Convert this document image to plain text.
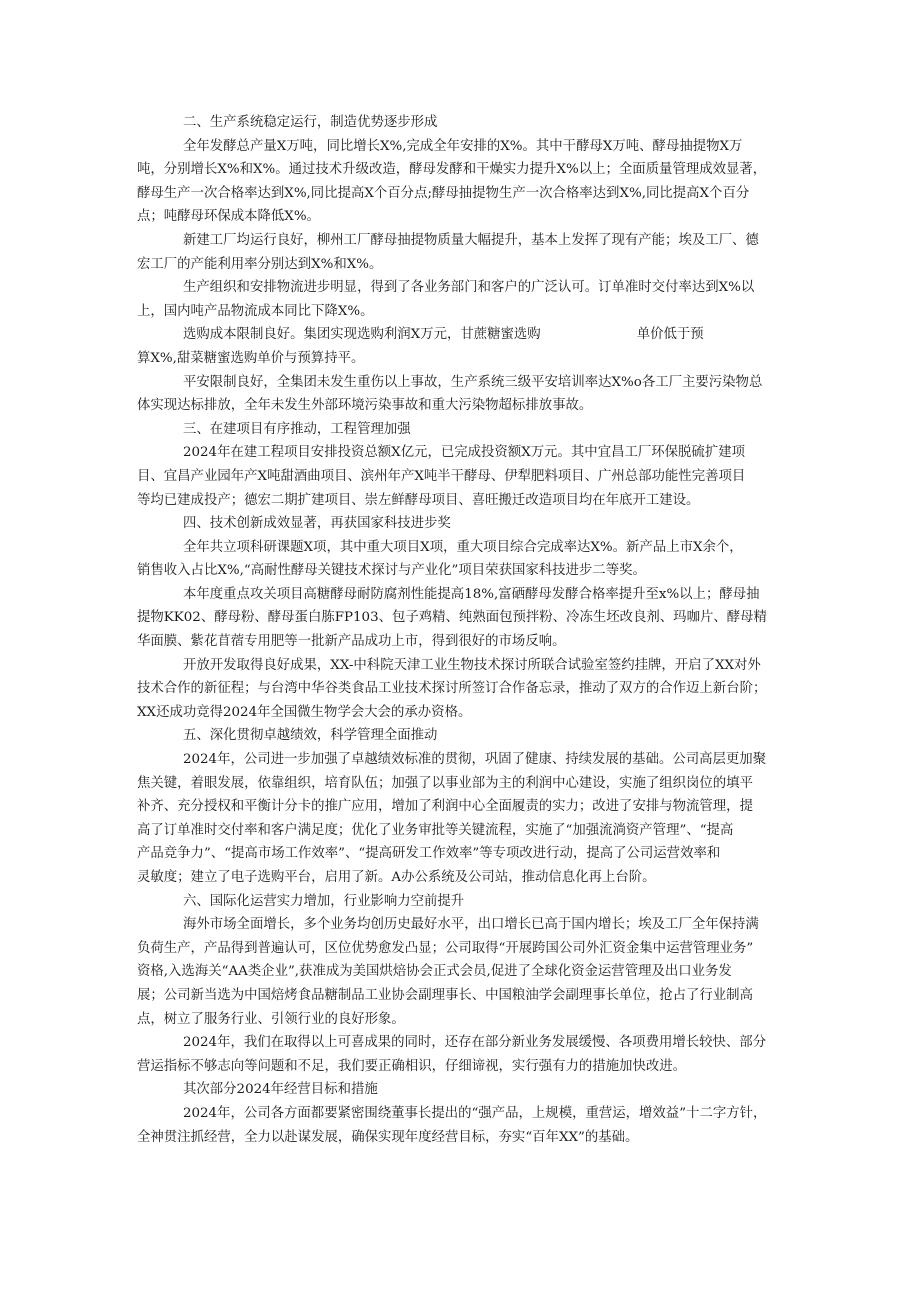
二、生产系统稳定运行，制造优势逐步形成
全年发酵总产量X万吨，同比增长X%,完成全年安排的X%。其中干酵母X万吨、酵母抽提物X万
吨，分别增长X%和X%。通过技术升级改造，酵母发酵和干燥实力提升X%以上；全面质量管理成效显著，
酵母生产一次合格率达到X%,同比提高X个百分点;酵母抽提物生产一次合格率达到X%,同比提高X个百分
点；吨酵母环保成本降低X%。
新建工厂均运行良好，柳州工厂酵母抽提物质量大幅提升，基本上发挥了现有产能；埃及工厂、德
宏工厂的产能利用率分别达到X%和X%。
生产组织和安排物流进步明显，得到了各业务部门和客户的广泛认可。订单准时交付率达到X%以
上，国内吨产品物流成本同比下降X%。
选购成本限制良好。集团实现选购利润X万元，甘蔗糖蜜选购	单价低于预
算X%,甜菜糖蜜选购单价与预算持平。
平安限制良好，全集团未发生重伤以上事故，生产系统三级平安培训率达X%o各工厂主要污染物总
体实现达标排放，全年未发生外部环境污染事故和重大污染物超标排放事故。
三、在建项目有序推动，工程管理加强
2024年在建工程项目安排投资总额X亿元，已完成投资额X万元。其中宜昌工厂环保脱硫扩建项
目、宜昌产业园年产X吨甜酒曲项目、滨州年产X吨半干酵母、伊犁肥料项目、广州总部功能性完善项目
等均已建成投产；德宏二期扩建项目、崇左鲜酵母项目、喜旺搬迁改造项目均在年底开工建设。
四、技术创新成效显著，再获国家科技进步奖
全年共立项科研课题X项，其中重大项目X项，重大项目综合完成率达X%。新产品上市X余个，
销售收入占比X%,“高耐性酵母关键技术探讨与产业化”项目荣获国家科技进步二等奖。
本年度重点攻关项目高糖酵母耐防腐剂性能提高18%,富硒酵母发酵合格率提升至x%以上；酵母抽
提物KK02、酵母粉、酵母蛋白胨FP103、包子鸡精、纯熟面包预拌粉、冷冻生坯改良剂、玛咖片、酵母精
华面膜、紫花苜蓿专用肥等一批新产品成功上市，得到很好的市场反响。
开放开发取得良好成果，XX-中科院天津工业生物技术探讨所联合试验室签约挂牌，开启了XX对外
技术合作的新征程；与台湾中华谷类食品工业技术探讨所签订合作备忘录，推动了双方的合作迈上新台阶；
XX还成功竞得2024年全国微生物学会大会的承办资格。
五、深化贯彻卓越绩效，科学管理全面推动
2024年，公司进一步加强了卓越绩效标准的贯彻，巩固了健康、持续发展的基础。公司高层更加聚
焦关键，着眼发展，依靠组织，培育队伍；加强了以事业部为主的利润中心建设，实施了组织岗位的填平
补齐、充分授权和平衡计分卡的推广应用，增加了利润中心全面履责的实力；改进了安排与物流管理，提
高了订单准时交付率和客户满足度；优化了业务审批等关键流程，实施了“加强流淌资产管理”、“提高
产品竞争力”、“提高市场工作效率”、“提高研发工作效率”等专项改进行动，提高了公司运营效率和
灵敏度；建立了电子选购平台，启用了新。A办公系统及公司站，推动信息化再上台阶。
六、国际化运营实力增加，行业影响力空前提升
海外市场全面增长，多个业务均创历史最好水平，出口增长已高于国内增长；埃及工厂全年保持满
负荷生产，产品得到普遍认可，区位优势愈发凸显；公司取得“开展跨国公司外汇资金集中运营管理业务”
资格,入选海关“AA类企业”,获准成为美国烘焙协会正式会员,促进了全球化资金运营管理及出口业务发
展；公司新当选为中国焙烤食品糖制品工业协会副理事长、中国粮油学会副理事长单位，抢占了行业制高
点，树立了服务行业、引领行业的良好形象。
2024年，我们在取得以上可喜成果的同时，还存在部分新业务发展缓慢、各项费用增长较快、部分
营运指标不够志向等问题和不足，我们要正确相识，仔细谛视，实行强有力的措施加快改进。
其次部分2024年经营目标和措施
2024年，公司各方面都要紧密围绕董事长提出的“强产品，上规模，重营运，增效益”十二字方针，
全神贯注抓经营，全力以赴谋发展，确保实现年度经营目标，夯实“百年XX”的基础。
